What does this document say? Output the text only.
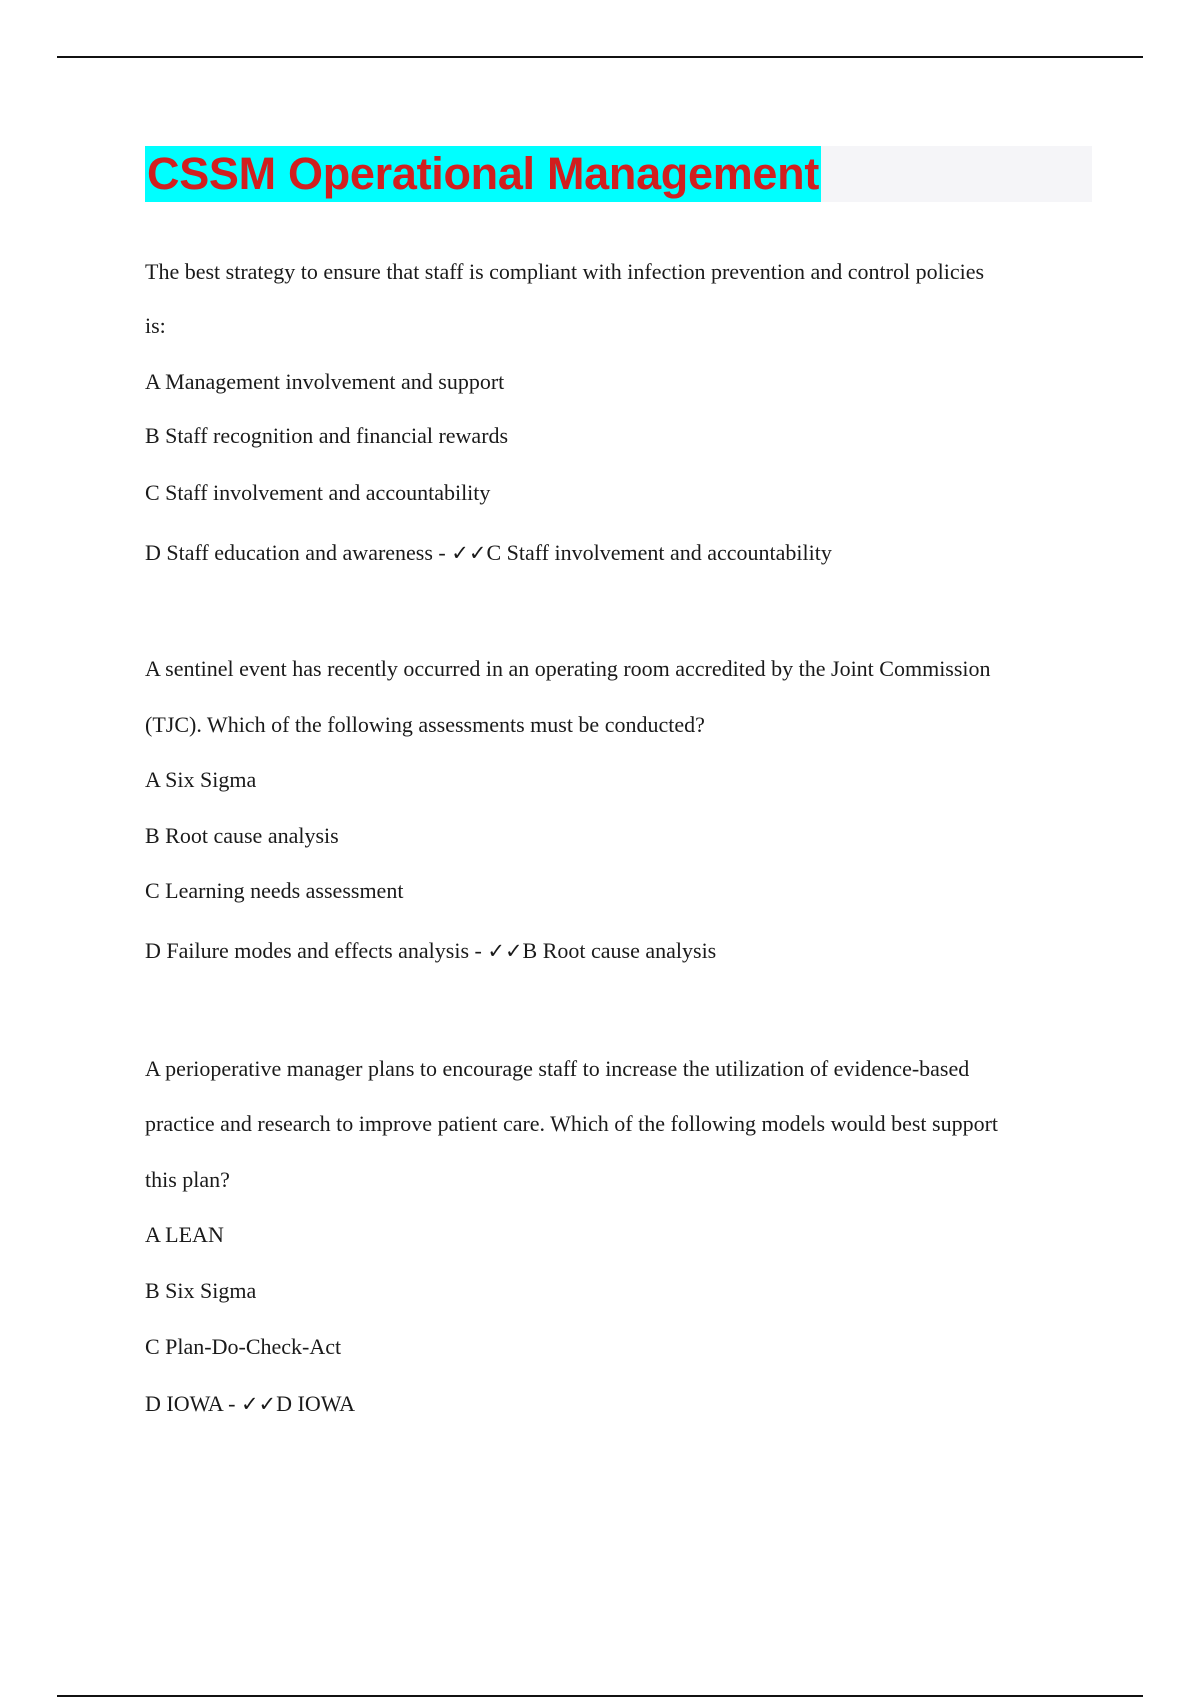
CSSM Operational Management
The best strategy to ensure that staff is compliant with infection prevention and control policies
is:
A Management involvement and support
B Staff recognition and financial rewards
C Staff involvement and accountability
D Staff education and awareness - ✓✓C Staff involvement and accountability
A sentinel event has recently occurred in an operating room accredited by the Joint Commission
(TJC). Which of the following assessments must be conducted?
A Six Sigma
B Root cause analysis
C Learning needs assessment
D Failure modes and effects analysis - ✓✓B Root cause analysis
A perioperative manager plans to encourage staff to increase the utilization of evidence-based
practice and research to improve patient care. Which of the following models would best support
this plan?
A LEAN
B Six Sigma
C Plan-Do-Check-Act
D IOWA - ✓✓D IOWA
